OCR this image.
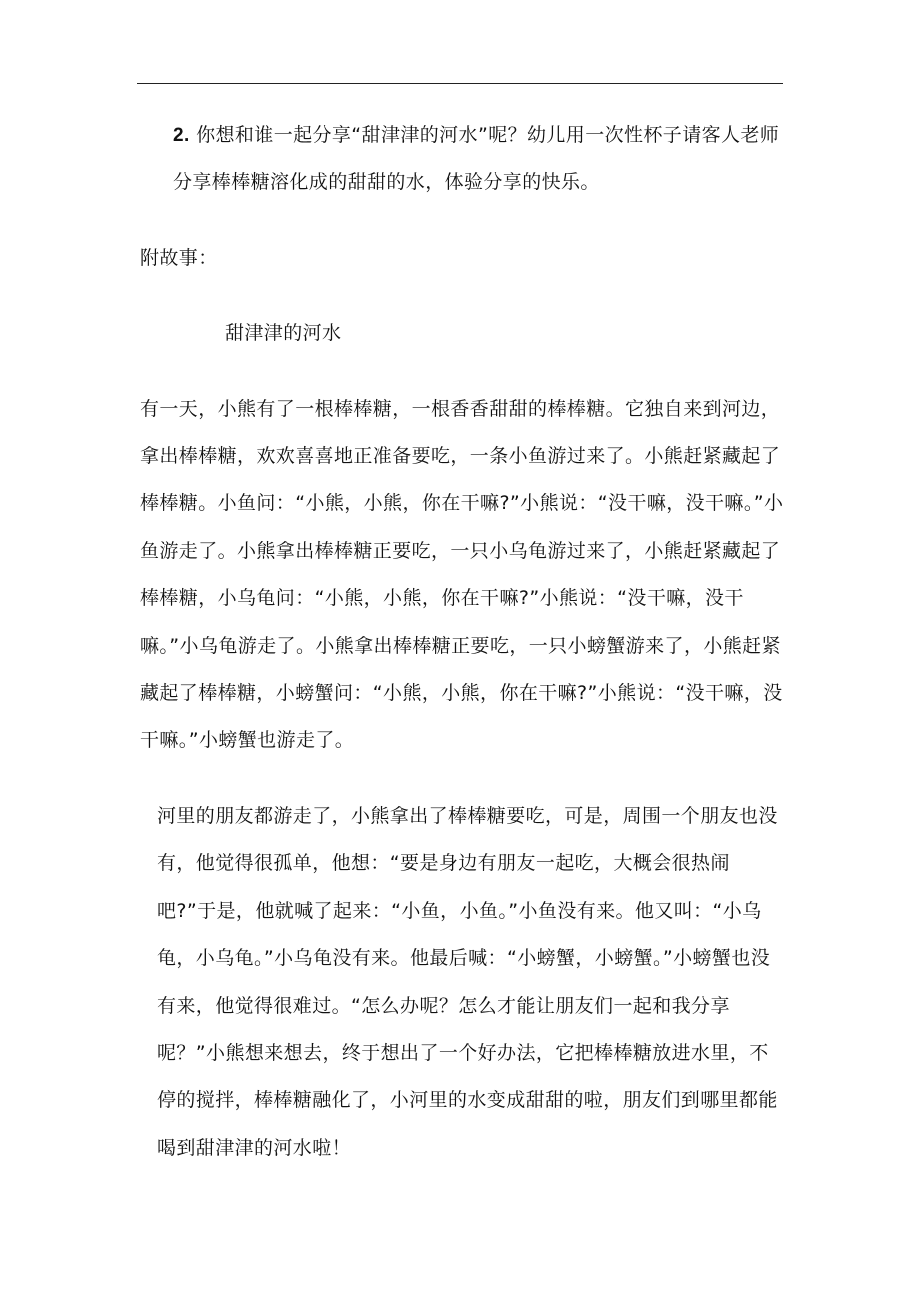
2. 你想和谁一起分享“甜津津的河水”呢？幼儿用一次性杯子请客人老师分享棒棒糖溶化成的甜甜的水，体验分享的快乐。

附故事：

甜津津的河水

有一天，小熊有了一根棒棒糖，一根香香甜甜的棒棒糖。它独自来到河边，拿出棒棒糖，欢欢喜喜地正准备要吃，一条小鱼游过来了。小熊赶紧藏起了棒棒糖。小鱼问：“小熊，小熊，你在干嘛?”小熊说：“没干嘛，没干嘛。”小鱼游走了。小熊拿出棒棒糖正要吃，一只小乌龟游过来了，小熊赶紧藏起了棒棒糖，小乌龟问：“小熊，小熊，你在干嘛?”小熊说：“没干嘛，没干嘛。”小乌龟游走了。小熊拿出棒棒糖正要吃，一只小螃蟹游来了，小熊赶紧藏起了棒棒糖，小螃蟹问：“小熊，小熊，你在干嘛?”小熊说：“没干嘛，没干嘛。”小螃蟹也游走了。

河里的朋友都游走了，小熊拿出了棒棒糖要吃，可是，周围一个朋友也没有，他觉得很孤单，他想：“要是身边有朋友一起吃，大概会很热闹吧?”于是，他就喊了起来：“小鱼，小鱼。”小鱼没有来。他又叫：“小乌龟，小乌龟。”小乌龟没有来。他最后喊：“小螃蟹，小螃蟹。”小螃蟹也没有来，他觉得很难过。“怎么办呢？怎么才能让朋友们一起和我分享呢？”小熊想来想去，终于想出了一个好办法，它把棒棒糖放进水里，不停的搅拌，棒棒糖融化了，小河里的水变成甜甜的啦，朋友们到哪里都能喝到甜津津的河水啦！
